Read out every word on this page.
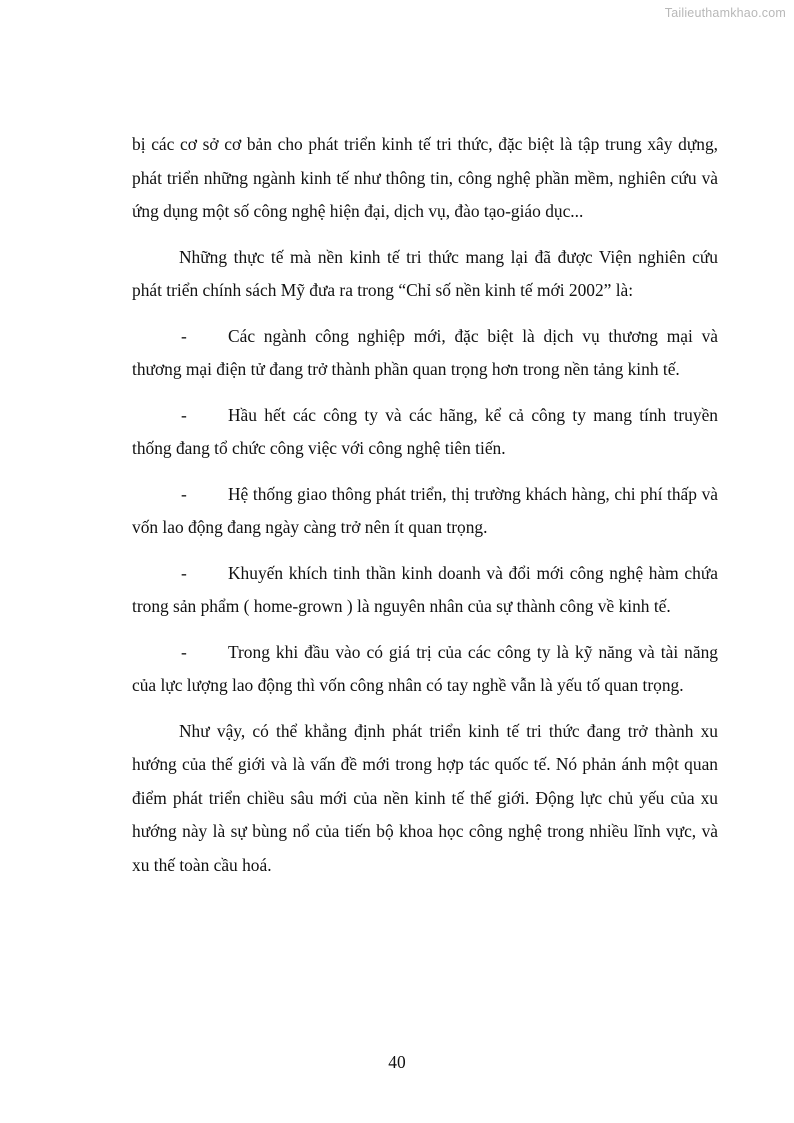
Tailieuthamkhao.com

bị các cơ sở cơ bản cho phát triển kinh tế tri thức, đặc biệt là tập trung xây dựng, phát triển những ngành kinh tế như thông tin, công nghệ phần mềm, nghiên cứu và ứng dụng một số công nghệ hiện đại, dịch vụ, đào tạo-giáo dục...

Những thực tế mà nền kinh tế tri thức mang lại đã được Viện nghiên cứu phát triển chính sách Mỹ đưa ra trong “Chỉ số nền kinh tế mới 2002” là:

- Các ngành công nghiệp mới, đặc biệt là dịch vụ thương mại và thương mại điện tử đang trở thành phần quan trọng hơn trong nền tảng kinh tế.

- Hầu hết các công ty và các hãng, kể cả công ty mang tính truyền thống đang tổ chức công việc với công nghệ tiên tiến.

- Hệ thống giao thông phát triển, thị trường khách hàng, chi phí thấp và vốn lao động đang ngày càng trở nên ít quan trọng.

- Khuyến khích tinh thần kinh doanh và đổi mới công nghệ hàm chứa trong sản phẩm ( home-grown ) là nguyên nhân của sự thành công về kinh tế.

- Trong khi đầu vào có giá trị của các công ty là kỹ năng và tài năng của lực lượng lao động thì vốn công nhân có tay nghề vẫn là yếu tố quan trọng.

Như vậy, có thể khẳng định phát triển kinh tế tri thức đang trở thành xu hướng của thế giới và là vấn đề mới trong hợp tác quốc tế. Nó phản ánh một quan điểm phát triển chiều sâu mới của nền kinh tế thế giới. Động lực chủ yếu của xu hướng này là sự bùng nổ của tiến bộ khoa học công nghệ trong nhiều lĩnh vực, và xu thế toàn cầu hoá.

40
